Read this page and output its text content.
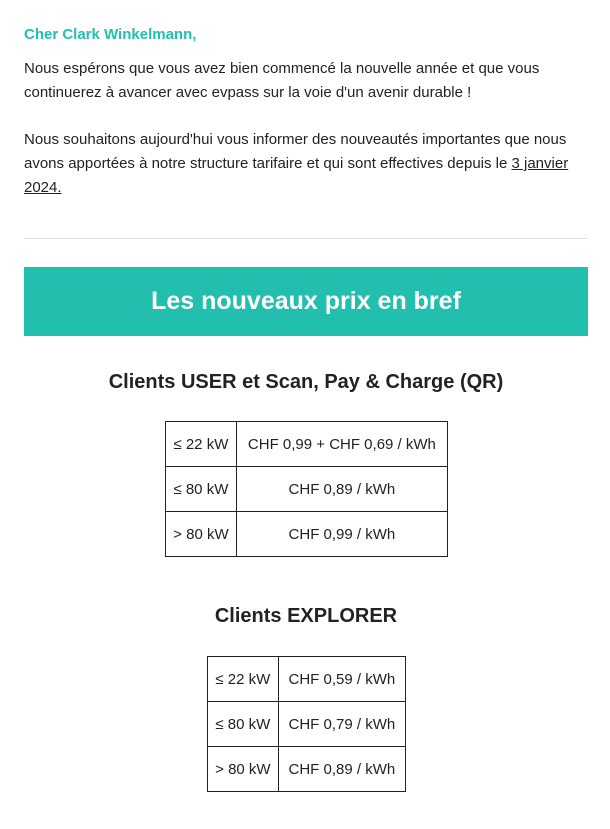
Cher Clark Winkelmann,

Nous espérons que vous avez bien commencé la nouvelle année et que vous continuerez à avancer avec evpass sur la voie d'un avenir durable !

Nous souhaitons aujourd'hui vous informer des nouveautés importantes que nous avons apportées à notre structure tarifaire et qui sont effectives depuis le 3 janvier 2024.

Les nouveaux prix en bref
Clients USER et Scan, Pay & Charge (QR)
≤ 22 kW	CHF 0,99 + CHF 0,69 / kWh
≤ 80 kW	CHF 0,89 / kWh
> 80 kW	CHF 0,99 / kWh
Clients EXPLORER
≤ 22 kW	CHF 0,59 / kWh
≤ 80 kW	CHF 0,79 / kWh
> 80 kW	CHF 0,89 / kWh
